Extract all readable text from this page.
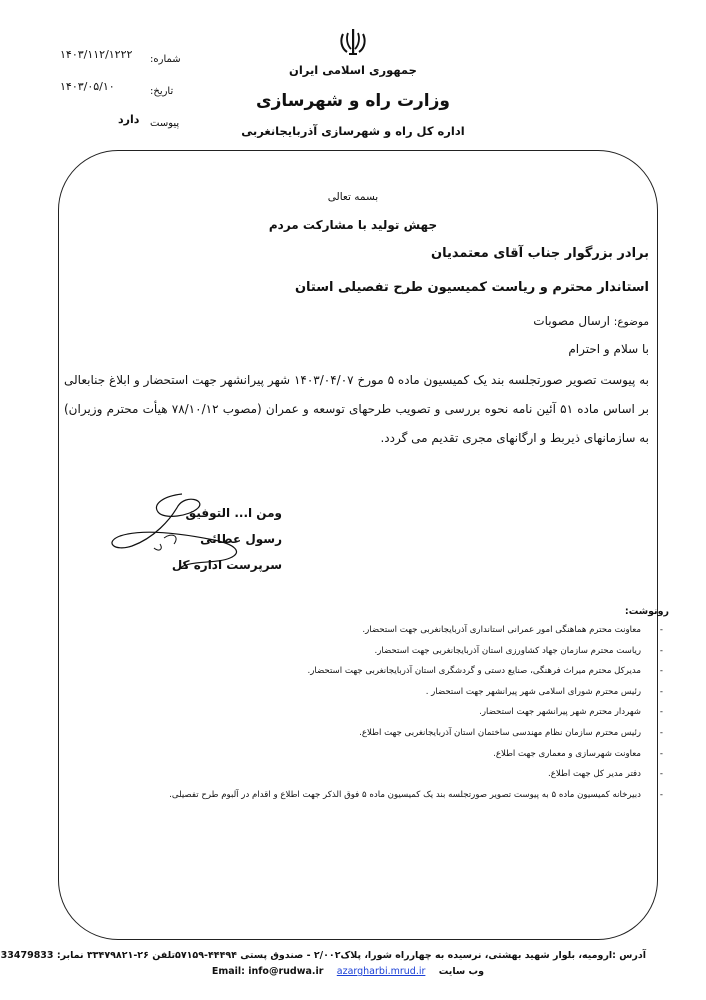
۱۴۰۳/۱۱۲/۱۲۲۲ شماره:
۱۴۰۳/۰۵/۱۰	تاریخ:
پیوست
دارد
جمهوری اسلامی ایران
وزارت راه و شهرسازی
اداره کل راه و شهرسازی آذربایجانغربی
بسمه تعالی
جهش تولید با مشارکت مردم
برادر بزرگوار جناب آقای معتمدیان
استاندار محترم و ریاست کمیسیون طرح تفصیلی استان
موضوع: ارسال مصوبات
با سلام و احترام
به پیوست تصویر صورتجلسه بند یک کمیسیون ماده ۵ مورخ ۱۴۰۳/۰۴/۰۷ شهر پیرانشهر جهت استحضار و ابلاغ جنابعالی بر اساس ماده ۵۱ آئین نامه نحوه بررسی و تصویب طرحهای توسعه و عمران (مصوب ۷۸/۱۰/۱۲ هیأت محترم وزیران) به سازمانهای ذیربط و ارگانهای مجری تقدیم می گردد.
ومن ا... التوفیق
رسول عطائی
سرپرست اداره کل
رونوشت:
- معاونت محترم هماهنگی امور عمرانی استانداری آذربایجانغربی جهت استحضار.
- ریاست محترم سازمان جهاد کشاورزی استان آذربایجانغربی جهت استحضار.
- مدیرکل محترم میراث فرهنگی، صنایع دستی و گردشگری استان آذربایجانغربی جهت استحضار.
- رئیس محترم شورای اسلامی شهر پیرانشهر جهت استحضار .
- شهردار محترم شهر پیرانشهر جهت استحضار.
- رئیس محترم سازمان نظام مهندسی ساختمان استان آذربایجانغربی جهت اطلاع.
- معاونت شهرسازی و معماری جهت اطلاع.
- دفتر مدیر کل جهت اطلاع.
- دبیرخانه کمیسیون ماده ۵ به پیوست تصویر صورتجلسه بند یک کمیسیون ماده ۵ فوق الذکر جهت اطلاع و اقدام در آلبوم طرح تفصیلی.
آدرس :ارومیه، بلوار شهید بهشتی، نرسیده به چهارراه شورا، پلاک۲/۰۰۲ - صندوق پستی ۴۴۴۹۴-۵۷۱۵۹تلفن ۲۶-۳۳۴۷۹۸۲۱ نمابر: 33479833
وب سایت azargharbi.mrud.ir Email: info@rudwa.ir
